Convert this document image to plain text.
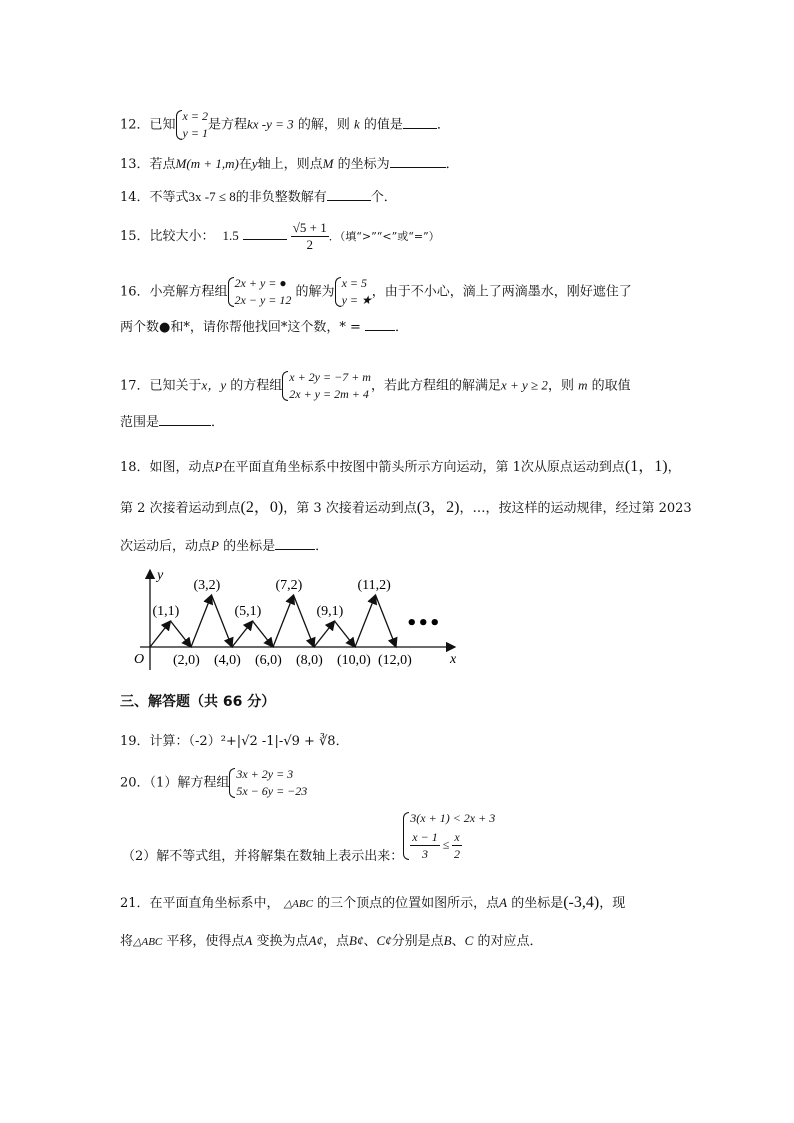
12．已知
x = 2
y = 1
是方程kx -y = 3 的解，则 k 的值是	．
13．若点M(m + 1,m)在y轴上，则点M 的坐标为	．
14．不等式3x -7 ≤ 8的非负整数解有	个．
15．比较大小： 1.5	$\frac{√5 + 1}{2}$ ．（填“>”“<”或“=”）
16．小亮解方程组
2x + y = ●
2x − y = 12
的解为
x = 5
y = ★
，由于不小心，滴上了两滴墨水，刚好遮住了
两个数●和*，请你帮他找回*这个数，* =	．
17．已知关于x，y 的方程组
x + 2y = −7 + m
2x + y = 2m + 4
，若此方程组的解满足x + y ≥ 2，则 m 的取值
范围是	．
18．如图，动点P在平面直角坐标系中按图中箭头所示方向运动，第 1次从原点运动到点(1，1)，
第 2 次接着运动到点(2，0)，第 3 次接着运动到点(3，2)，…，按这样的运动规律，经过第 2023
次运动后，动点P 的坐标是	．
y
x
O
•••
(1,1)
(3,2)
(5,1)
(7,2)
(9,1)
(11,2)
(2,0) (4,0) (6,0) (8,0) (10,0) (12,0)
三、解答题（共 66 分）
19．计算：（-2）²+|√2 -1|-√9 + ∛8．
20．（1）解方程组
3x + 2y = 3
5x − 6y = −23
（2）解不等式组，并将解集在数轴上表示出来：
3(x + 1) < 2x + 3
$\frac{x - 1}{3} \le \frac{x}{2}$
21．在平面直角坐标系中， △ABC 的三个顶点的位置如图所示，点A 的坐标是(-3,4)，现
将△ABC 平移，使得点A 变换为点A¢，点B¢、C¢分别是点B、C 的对应点．
